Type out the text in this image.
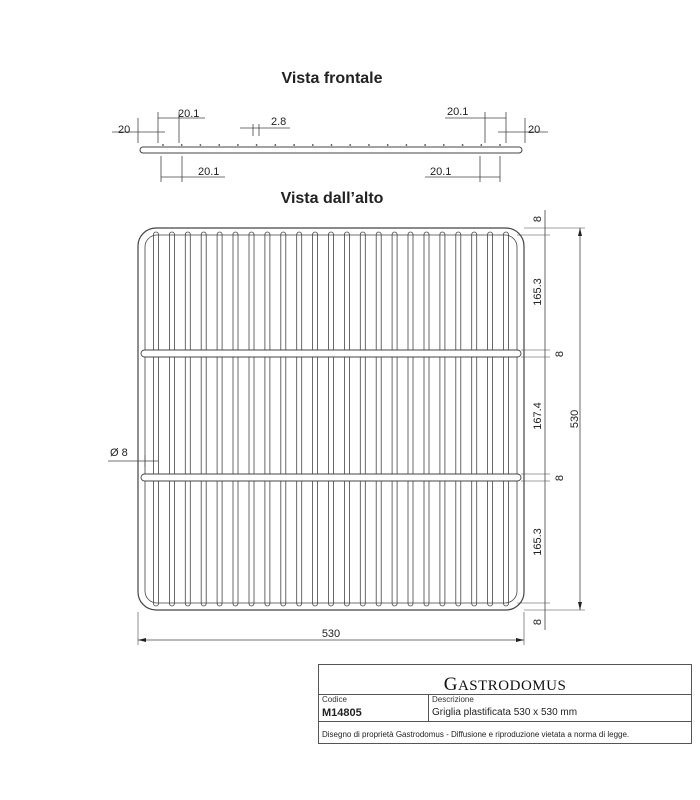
Vista frontale
Vista dall’alto
20
20.1
2.8
20.1
20
20.1	20.1
8
165.3
8
167.4
8
165.3
8
530
530
Ø 8
GASTRODOMUS
Codice
M14805
Descrizione
Griglia plastificata 530 x 530 mm
Disegno di proprietà Gastrodomus - Diffusione e riproduzione vietata a norma di legge.
